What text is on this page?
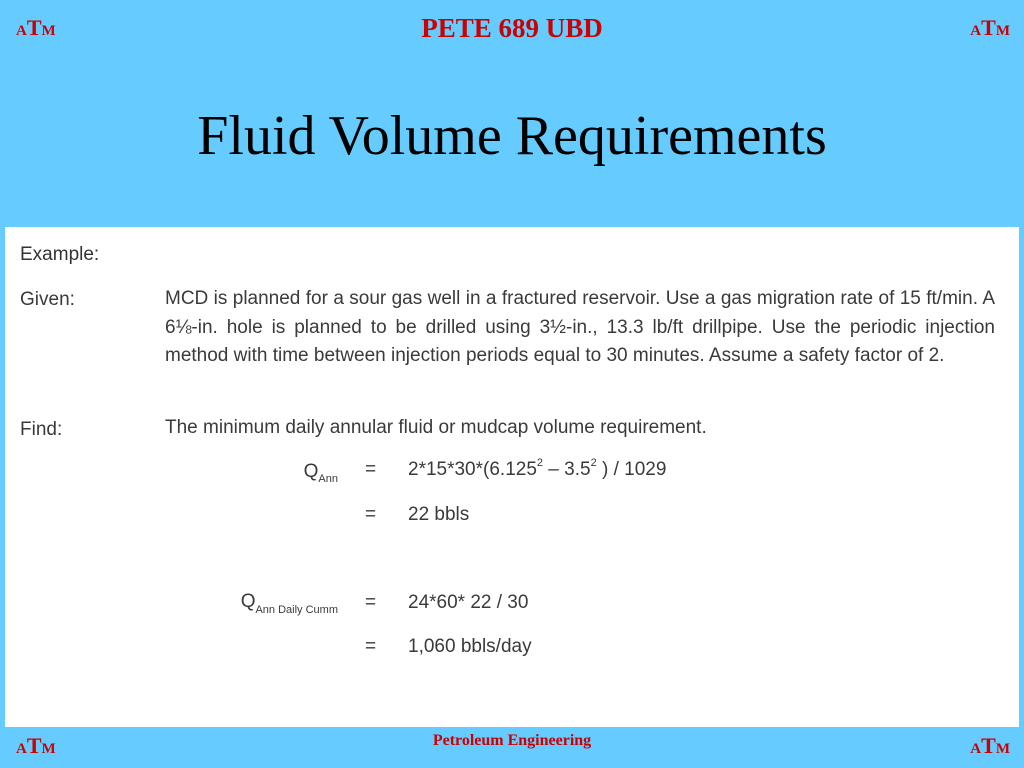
ATM	ATM
PETE 689 UBD
Fluid Volume Requirements
Example:
Given:	MCD is planned for a sour gas well in a fractured reservoir. Use a gas migration rate of 15 ft/min. A 6⅛-in. hole is planned to be drilled using 3½-in., 13.3 lb/ft drillpipe. Use the periodic injection method with time between injection periods equal to 30 minutes. Assume a safety factor of 2.
Find:	The minimum daily annular fluid or mudcap volume requirement.
$Q_{Ann} = 2*15*30*(6.125^2 - 3.5^2$ ) / 1029
= 22 bbls
$Q_{Ann Daily Cumm} = 24*60*$ 22 / 30
= 1,060 bbls/day
Petroleum Engineering
ATM	ATM
